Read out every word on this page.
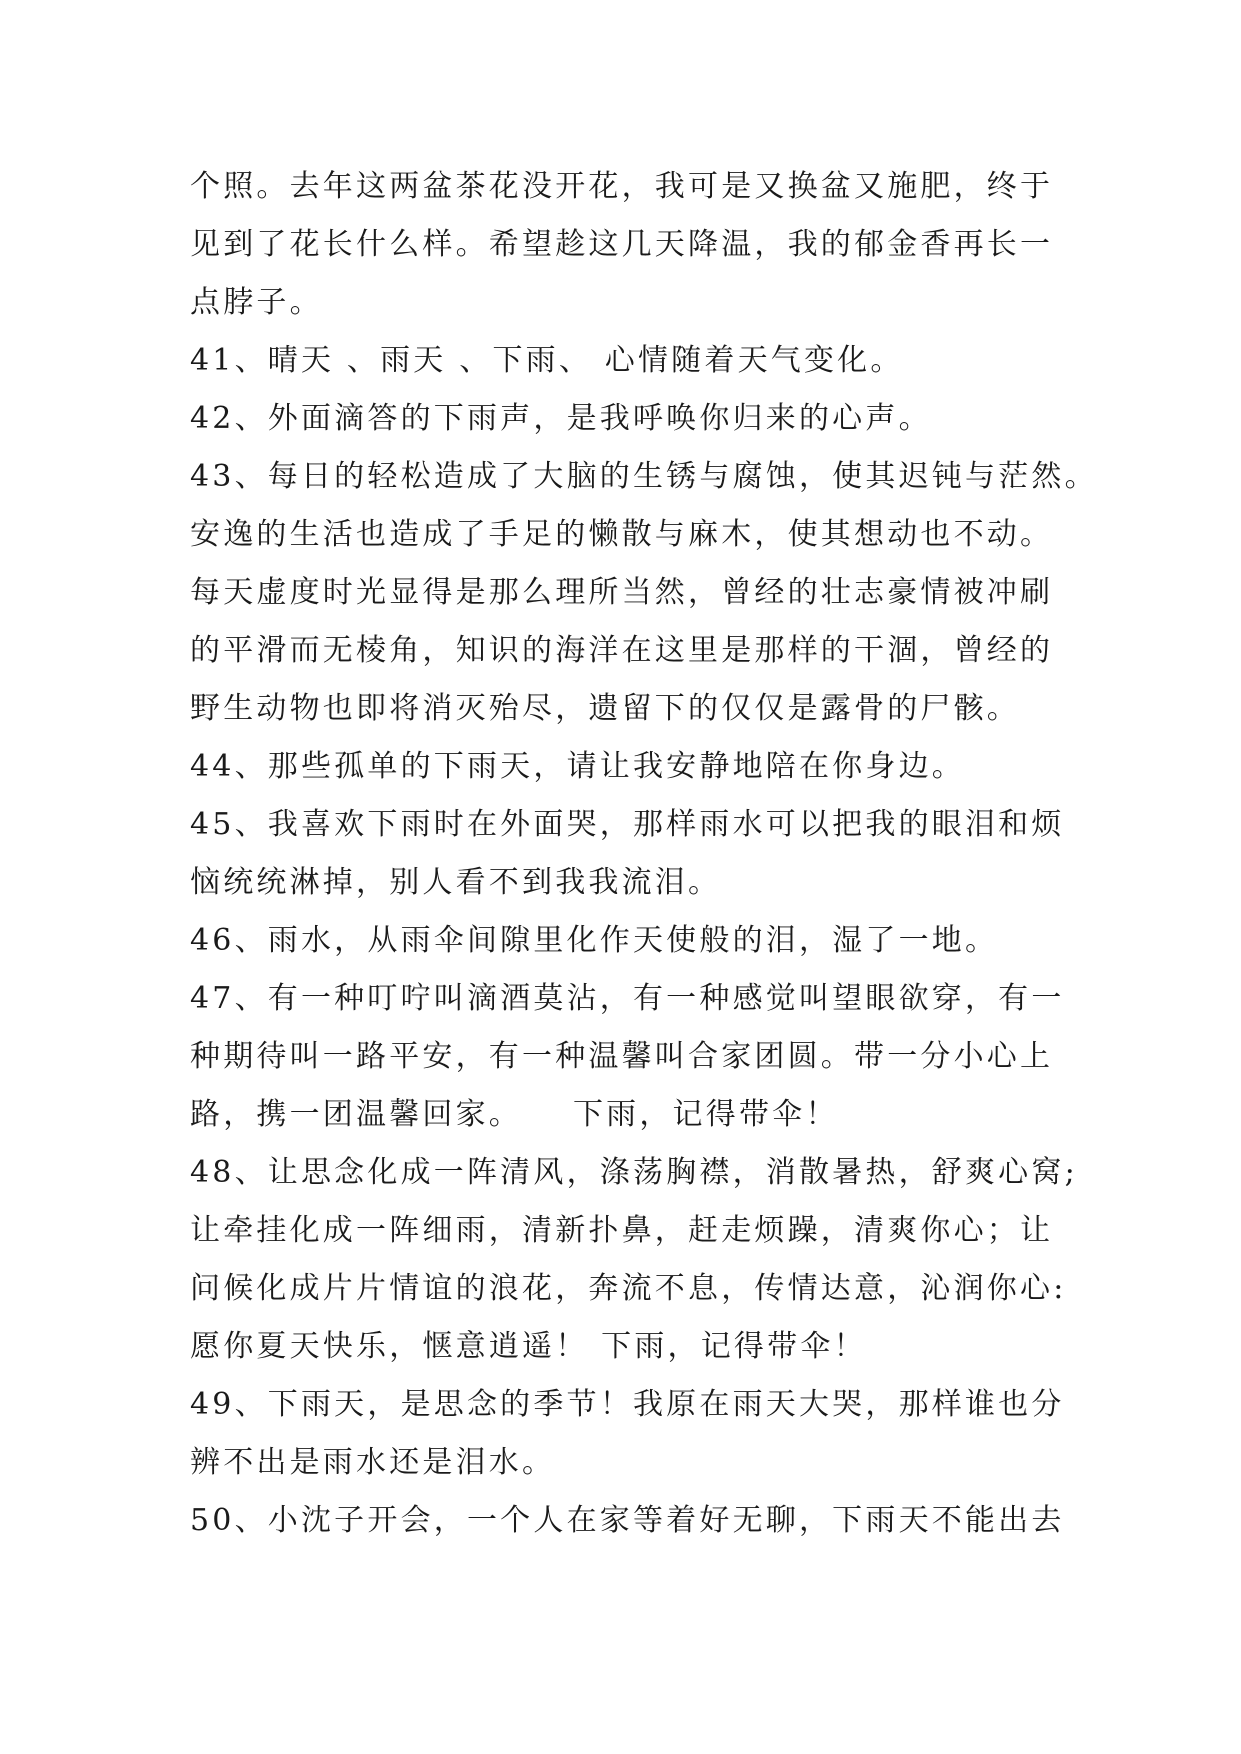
个照。去年这两盆茶花没开花，我可是又换盆又施肥，终于
见到了花长什么样。希望趁这几天降温，我的郁金香再长一
点脖子。
41、晴天 、雨天 、下雨、 心情随着天气变化。
42、外面滴答的下雨声，是我呼唤你归来的心声。
43、每日的轻松造成了大脑的生锈与腐蚀，使其迟钝与茫然。
安逸的生活也造成了手足的懒散与麻木，使其想动也不动。
每天虚度时光显得是那么理所当然，曾经的壮志豪情被冲刷
的平滑而无棱角，知识的海洋在这里是那样的干涸，曾经的
野生动物也即将消灭殆尽，遗留下的仅仅是露骨的尸骸。
44、那些孤单的下雨天，请让我安静地陪在你身边。
45、我喜欢下雨时在外面哭，那样雨水可以把我的眼泪和烦
恼统统淋掉，别人看不到我我流泪。
46、雨水，从雨伞间隙里化作天使般的泪，湿了一地。
47、有一种叮咛叫滴酒莫沾，有一种感觉叫望眼欲穿，有一
种期待叫一路平安，有一种温馨叫合家团圆。带一分小心上
路，携一团温馨回家。    下雨，记得带伞！
48、让思念化成一阵清风，涤荡胸襟，消散暑热，舒爽心窝;
让牵挂化成一阵细雨，清新扑鼻，赶走烦躁，清爽你心；让
问候化成片片情谊的浪花，奔流不息，传情达意，沁润你心:
愿你夏天快乐，惬意逍遥！ 下雨，记得带伞！
49、下雨天，是思念的季节！我原在雨天大哭，那样谁也分
辨不出是雨水还是泪水。
50、小沈子开会，一个人在家等着好无聊，下雨天不能出去
